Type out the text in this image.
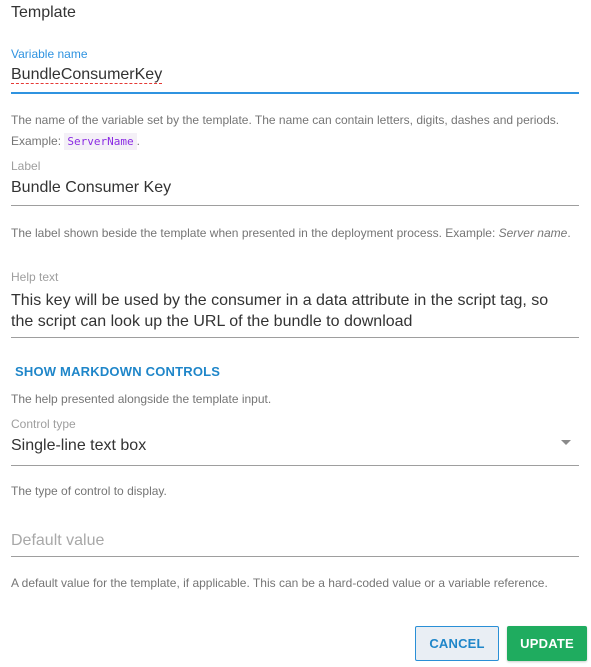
Template
Variable name
BundleConsumerKey
The name of the variable set by the template. The name can contain letters, digits, dashes and periods. Example: ServerName .
Label
Bundle Consumer Key
The label shown beside the template when presented in the deployment process. Example: Server name.
Help text
This key will be used by the consumer in a data attribute in the script tag, so
the script can look up the URL of the bundle to download
SHOW MARKDOWN CONTROLS
The help presented alongside the template input.
Control type
Single-line text box
The type of control to display.
Default value
A default value for the template, if applicable. This can be a hard-coded value or a variable reference.
CANCEL	UPDATE
